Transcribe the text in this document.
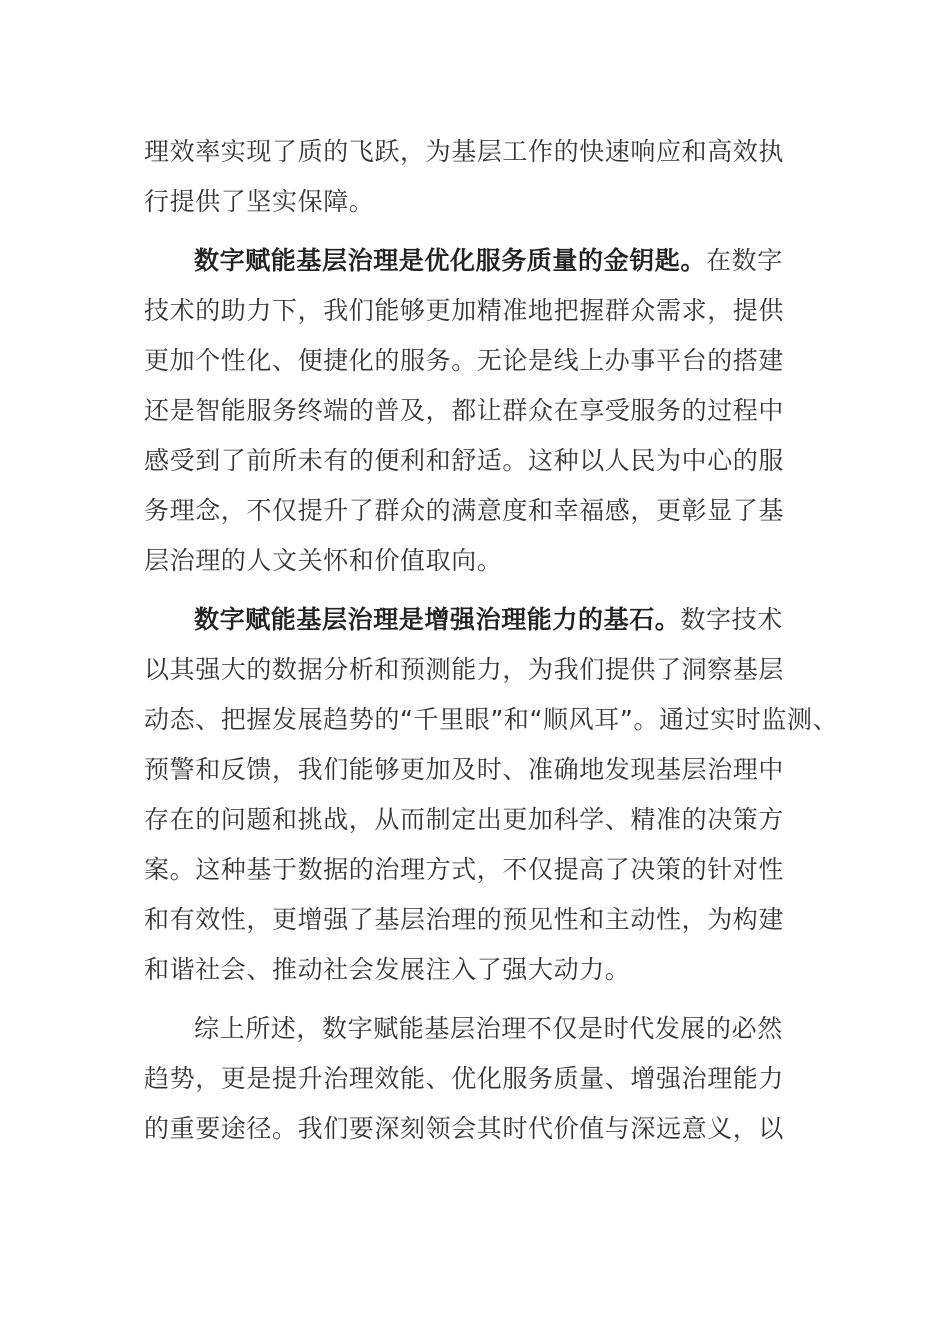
理效率实现了质的飞跃，为基层工作的快速响应和高效执
行提供了坚实保障。
数字赋能基层治理是优化服务质量的金钥匙。在数字
技术的助力下，我们能够更加精准地把握群众需求，提供
更加个性化、便捷化的服务。无论是线上办事平台的搭建
还是智能服务终端的普及，都让群众在享受服务的过程中
感受到了前所未有的便利和舒适。这种以人民为中心的服
务理念，不仅提升了群众的满意度和幸福感，更彰显了基
层治理的人文关怀和价值取向。
数字赋能基层治理是增强治理能力的基石。数字技术
以其强大的数据分析和预测能力，为我们提供了洞察基层
动态、把握发展趋势的“千里眼”和“顺风耳”。通过实时监测、
预警和反馈，我们能够更加及时、准确地发现基层治理中
存在的问题和挑战，从而制定出更加科学、精准的决策方
案。这种基于数据的治理方式，不仅提高了决策的针对性
和有效性，更增强了基层治理的预见性和主动性，为构建
和谐社会、推动社会发展注入了强大动力。
综上所述，数字赋能基层治理不仅是时代发展的必然
趋势，更是提升治理效能、优化服务质量、增强治理能力
的重要途径。我们要深刻领会其时代价值与深远意义，以
